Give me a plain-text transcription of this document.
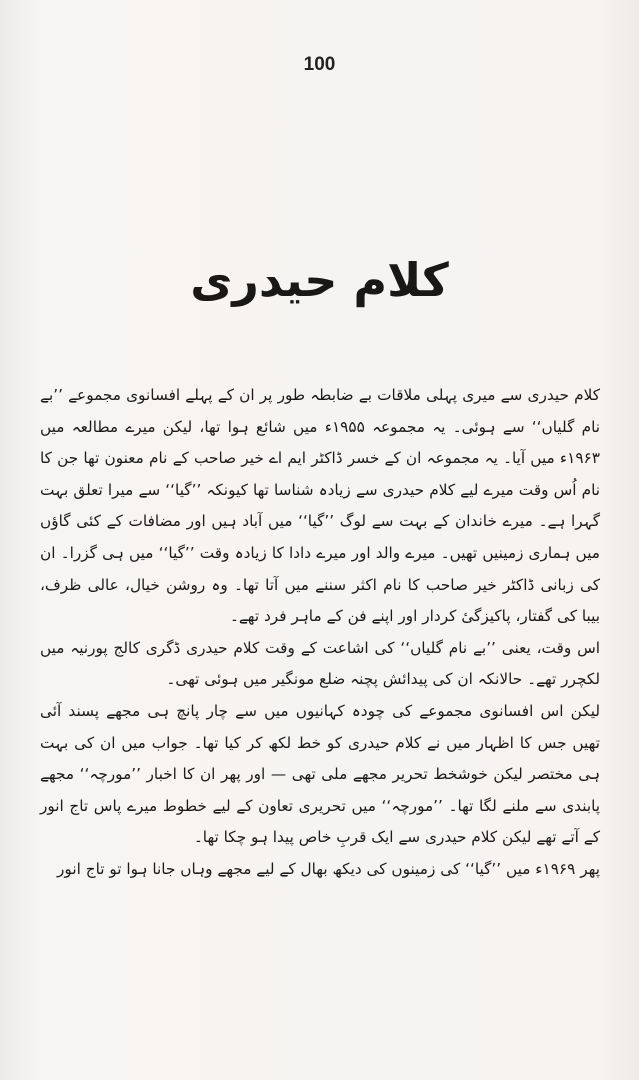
100
کلام حیدری

کلام حیدری سے میری پہلی ملاقات بے ضابطہ طور پر ان کے پہلے افسانوی مجموعے ’’بے نام گلیاں‘‘ سے ہوئی۔ یہ مجموعہ ۱۹۵۵ء میں شائع ہوا تھا، لیکن میرے مطالعہ میں ۱۹۶۳ء میں آیا۔ یہ مجموعہ ان کے خسر ڈاکٹر ایم اے خیر صاحب کے نام معنون تھا جن کا نام اُس وقت میرے لیے کلام حیدری سے زیادہ شناسا تھا کیونکہ ’’گیا‘‘ سے میرا تعلق بہت گہرا ہے۔ میرے خاندان کے بہت سے لوگ ’’گیا‘‘ میں آباد ہیں اور مضافات کے کئی گاؤں میں ہماری زمینیں تھیں۔ میرے والد اور میرے دادا کا زیادہ وقت ’’گیا‘‘ میں ہی گزرا۔ ان کی زبانی ڈاکٹر خیر صاحب کا نام اکثر سننے میں آتا تھا۔ وہ روشن خیال، عالی ظرف، بیبا کی گفتار، پاکیزگیٔ کردار اور اپنے فن کے ماہر فرد تھے۔

اس وقت، یعنی ’’بے نام گلیاں‘‘ کی اشاعت کے وقت کلام حیدری ڈگری کالج پورنیہ میں لکچرر تھے۔ حالانکہ ان کی پیدائش پچنہ ضلع مونگیر میں ہوئی تھی۔

لیکن اس افسانوی مجموعے کی چودہ کہانیوں میں سے چار پانچ ہی مجھے پسند آئی تھیں جس کا اظہار میں نے کلام حیدری کو خط لکھ کر کیا تھا۔ جواب میں ان کی بہت ہی مختصر لیکن خوشخط تحریر مجھے ملی تھی — اور پھر ان کا اخبار ’’مورچہ‘‘ مجھے پابندی سے ملنے لگا تھا۔ ’’مورچہ‘‘ میں تحریری تعاون کے لیے خطوط میرے پاس تاج انور کے آتے تھے لیکن کلام حیدری سے ایک قربِ خاص پیدا ہو چکا تھا۔

پھر ۱۹۶۹ء میں ’’گیا‘‘ کی زمینوں کی دیکھ بھال کے لیے مجھے وہاں جانا ہوا تو تاج انور
